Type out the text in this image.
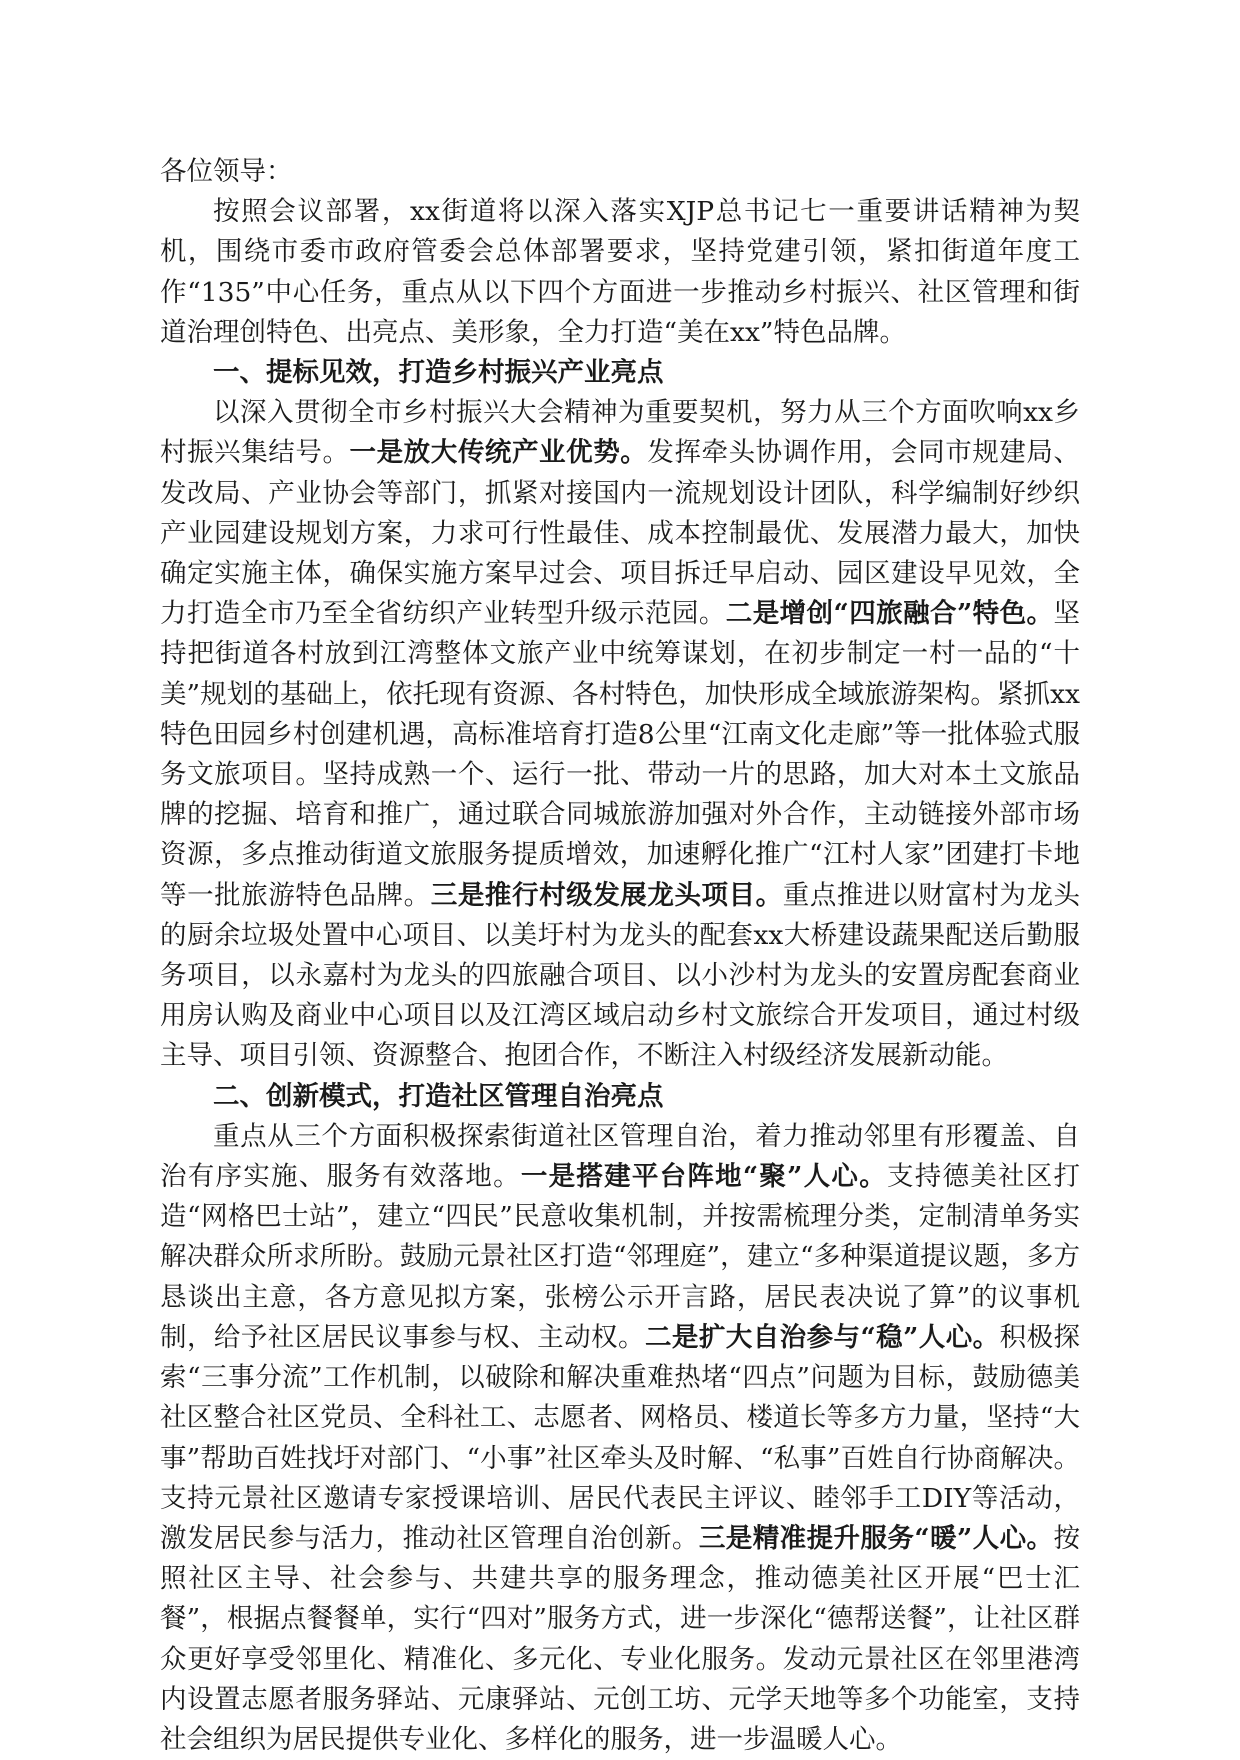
各位领导：

按照会议部署，xx街道将以深入落实XJP总书记七一重要讲话精神为契机，围绕市委市政府管委会总体部署要求，坚持党建引领，紧扣街道年度工作“135”中心任务，重点从以下四个方面进一步推动乡村振兴、社区管理和街道治理创特色、出亮点、美形象，全力打造“美在xx”特色品牌。

一、提标见效，打造乡村振兴产业亮点

以深入贯彻全市乡村振兴大会精神为重要契机，努力从三个方面吹响xx乡村振兴集结号。一是放大传统产业优势。发挥牵头协调作用，会同市规建局、发改局、产业协会等部门，抓紧对接国内一流规划设计团队，科学编制好纱织产业园建设规划方案，力求可行性最佳、成本控制最优、发展潜力最大，加快确定实施主体，确保实施方案早过会、项目拆迁早启动、园区建设早见效，全力打造全市乃至全省纺织产业转型升级示范园。二是增创“四旅融合”特色。坚持把街道各村放到江湾整体文旅产业中统筹谋划，在初步制定一村一品的“十美”规划的基础上，依托现有资源、各村特色，加快形成全域旅游架构。紧抓xx特色田园乡村创建机遇，高标准培育打造8公里“江南文化走廊”等一批体验式服务文旅项目。坚持成熟一个、运行一批、带动一片的思路，加大对本土文旅品牌的挖掘、培育和推广，通过联合同城旅游加强对外合作，主动链接外部市场资源，多点推动街道文旅服务提质增效，加速孵化推广“江村人家”团建打卡地等一批旅游特色品牌。三是推行村级发展龙头项目。重点推进以财富村为龙头的厨余垃圾处置中心项目、以美圩村为龙头的配套xx大桥建设蔬果配送后勤服务项目，以永嘉村为龙头的四旅融合项目、以小沙村为龙头的安置房配套商业用房认购及商业中心项目以及江湾区域启动乡村文旅综合开发项目，通过村级主导、项目引领、资源整合、抱团合作，不断注入村级经济发展新动能。

二、创新模式，打造社区管理自治亮点

重点从三个方面积极探索街道社区管理自治，着力推动邻里有形覆盖、自治有序实施、服务有效落地。一是搭建平台阵地“聚”人心。支持德美社区打造“网格巴士站”，建立“四民”民意收集机制，并按需梳理分类，定制清单务实解决群众所求所盼。鼓励元景社区打造“邻理庭”，建立“多种渠道提议题，多方恳谈出主意，各方意见拟方案，张榜公示开言路，居民表决说了算”的议事机制，给予社区居民议事参与权、主动权。二是扩大自治参与“稳”人心。积极探索“三事分流”工作机制，以破除和解决重难热堵“四点”问题为目标，鼓励德美社区整合社区党员、全科社工、志愿者、网格员、楼道长等多方力量，坚持“大事”帮助百姓找圩对部门、“小事”社区牵头及时解、“私事”百姓自行协商解决。支持元景社区邀请专家授课培训、居民代表民主评议、睦邻手工DIY等活动，激发居民参与活力，推动社区管理自治创新。三是精准提升服务“暖”人心。按照社区主导、社会参与、共建共享的服务理念，推动德美社区开展“巴士汇餐”，根据点餐餐单，实行“四对”服务方式，进一步深化“德帮送餐”，让社区群众更好享受邻里化、精准化、多元化、专业化服务。发动元景社区在邻里港湾内设置志愿者服务驿站、元康驿站、元创工坊、元学天地等多个功能室，支持社会组织为居民提供专业化、多样化的服务，进一步温暖人心。
